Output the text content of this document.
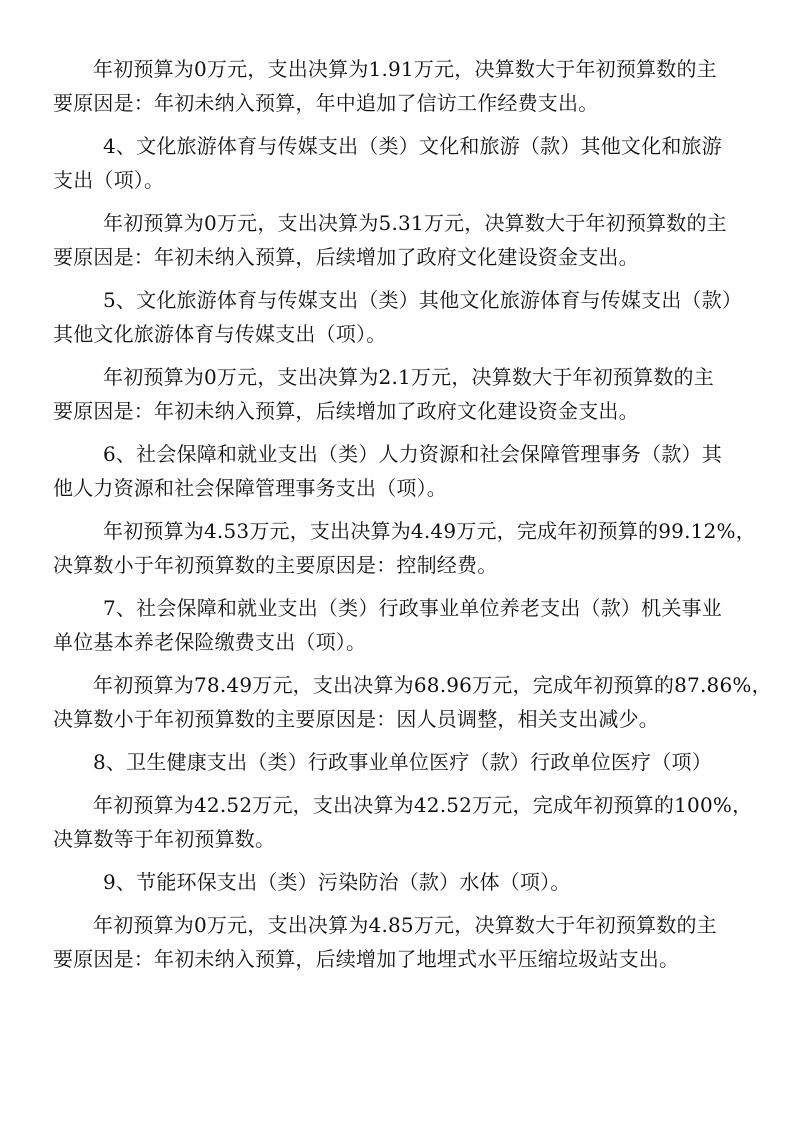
年初预算为0万元，支出决算为1.91万元，决算数大于年初预算数的主
要原因是：年初未纳入预算，年中追加了信访工作经费支出。
4、文化旅游体育与传媒支出（类）文化和旅游（款）其他文化和旅游
支出（项）。
年初预算为0万元，支出决算为5.31万元，决算数大于年初预算数的主
要原因是：年初未纳入预算，后续增加了政府文化建设资金支出。
5、文化旅游体育与传媒支出（类）其他文化旅游体育与传媒支出（款）
其他文化旅游体育与传媒支出（项）。
年初预算为0万元，支出决算为2.1万元，决算数大于年初预算数的主
要原因是：年初未纳入预算，后续增加了政府文化建设资金支出。
6、社会保障和就业支出（类）人力资源和社会保障管理事务（款）其
他人力资源和社会保障管理事务支出（项）。
年初预算为4.53万元，支出决算为4.49万元，完成年初预算的99.12%，
决算数小于年初预算数的主要原因是：控制经费。
7、社会保障和就业支出（类）行政事业单位养老支出（款）机关事业
单位基本养老保险缴费支出（项）。
年初预算为78.49万元，支出决算为68.96万元，完成年初预算的87.86%，
决算数小于年初预算数的主要原因是：因人员调整，相关支出减少。
8、卫生健康支出（类）行政事业单位医疗（款）行政单位医疗（项）
年初预算为42.52万元，支出决算为42.52万元，完成年初预算的100%，
决算数等于年初预算数。
9、节能环保支出（类）污染防治（款）水体（项）。
年初预算为0万元，支出决算为4.85万元，决算数大于年初预算数的主
要原因是：年初未纳入预算，后续增加了地埋式水平压缩垃圾站支出。
